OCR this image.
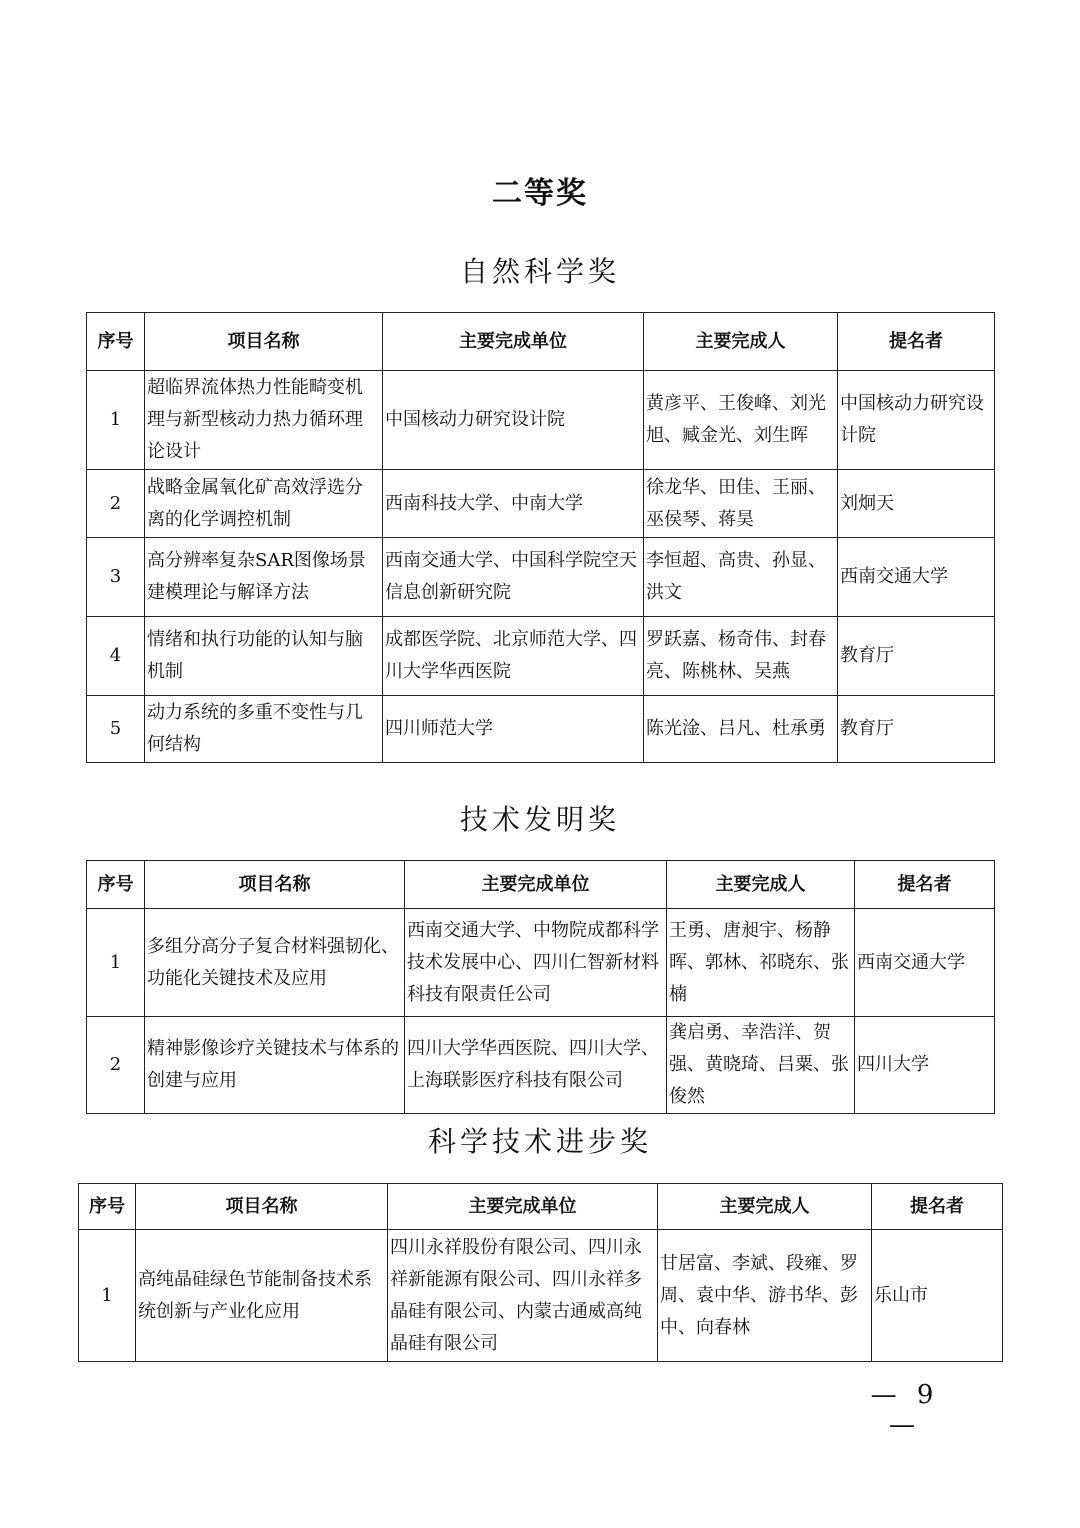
二等奖
自然科学奖
序号	项目名称	主要完成单位	主要完成人	提名者
1	超临界流体热力性能畸变机理与新型核动力热力循环理论设计	中国核动力研究设计院	黄彦平、王俊峰、刘光旭、臧金光、刘生晖	中国核动力研究设计院
2	战略金属氧化矿高效浮选分离的化学调控机制	西南科技大学、中南大学	徐龙华、田佳、王丽、巫侯琴、蒋昊	刘炯天
3	高分辨率复杂SAR图像场景建模理论与解译方法	西南交通大学、中国科学院空天信息创新研究院	李恒超、高贵、孙显、洪文	西南交通大学
4	情绪和执行功能的认知与脑机制	成都医学院、北京师范大学、四川大学华西医院	罗跃嘉、杨奇伟、封春亮、陈桃林、吴燕	教育厅
5	动力系统的多重不变性与几何结构	四川师范大学	陈光淦、吕凡、杜承勇	教育厅
技术发明奖
序号	项目名称	主要完成单位	主要完成人	提名者
1	多组分高分子复合材料强韧化、功能化关键技术及应用	西南交通大学、中物院成都科学技术发展中心、四川仁智新材料科技有限责任公司	王勇、唐昶宇、杨静晖、郭林、祁晓东、张楠	西南交通大学
2	精神影像诊疗关键技术与体系的创建与应用	四川大学华西医院、四川大学、上海联影医疗科技有限公司	龚启勇、幸浩洋、贺强、黄晓琦、吕粟、张俊然	四川大学
科学技术进步奖
序号	项目名称	主要完成单位	主要完成人	提名者
1	高纯晶硅绿色节能制备技术系统创新与产业化应用	四川永祥股份有限公司、四川永祥新能源有限公司、四川永祥多晶硅有限公司、内蒙古通威高纯晶硅有限公司	甘居富、李斌、段雍、罗周、袁中华、游书华、彭中、向春林	乐山市
— 9 —
